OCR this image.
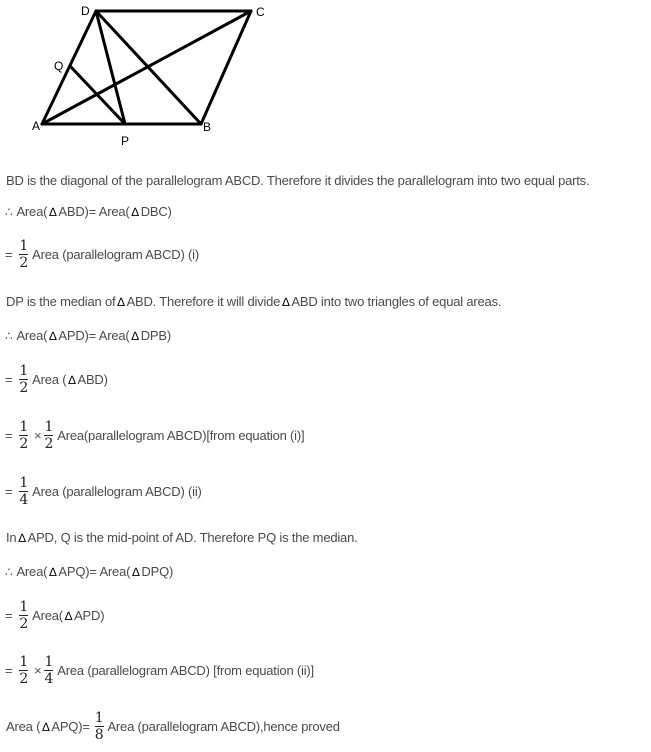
D	C
Q
A	B
P
BD is the diagonal of the parallelogram ABCD. Therefore it divides the parallelogram into two equal parts.
∴ Area( ∆ ABD)= Area( ∆ DBC)
= $\frac{1}{2}$ Area (parallelogram ABCD) (i)
DP is the median of ∆ ABD. Therefore it will divide ∆ ABD into two triangles of equal areas.
∴ Area( ∆ APD)= Area( ∆ DPB)
= $\frac{1}{2}$ Area ( ∆ ABD)
= $\frac{1}{2} \times \frac{1}{2}$ Area(parallelogram ABCD)[from equation (i)]
= $\frac{1}{4}$ Area (parallelogram ABCD) (ii)
In ∆ APD, Q is the mid-point of AD. Therefore PQ is the median.
∴ Area( ∆ APQ)= Area( ∆ DPQ)
= $\frac{1}{2}$ Area( ∆ APD)
= $\frac{1}{2} \times \frac{1}{4}$ Area (parallelogram ABCD) [from equation (ii)]
Area ( ∆ $APQ)= \frac{1}{8}$ Area (parallelogram ABCD),hence proved
